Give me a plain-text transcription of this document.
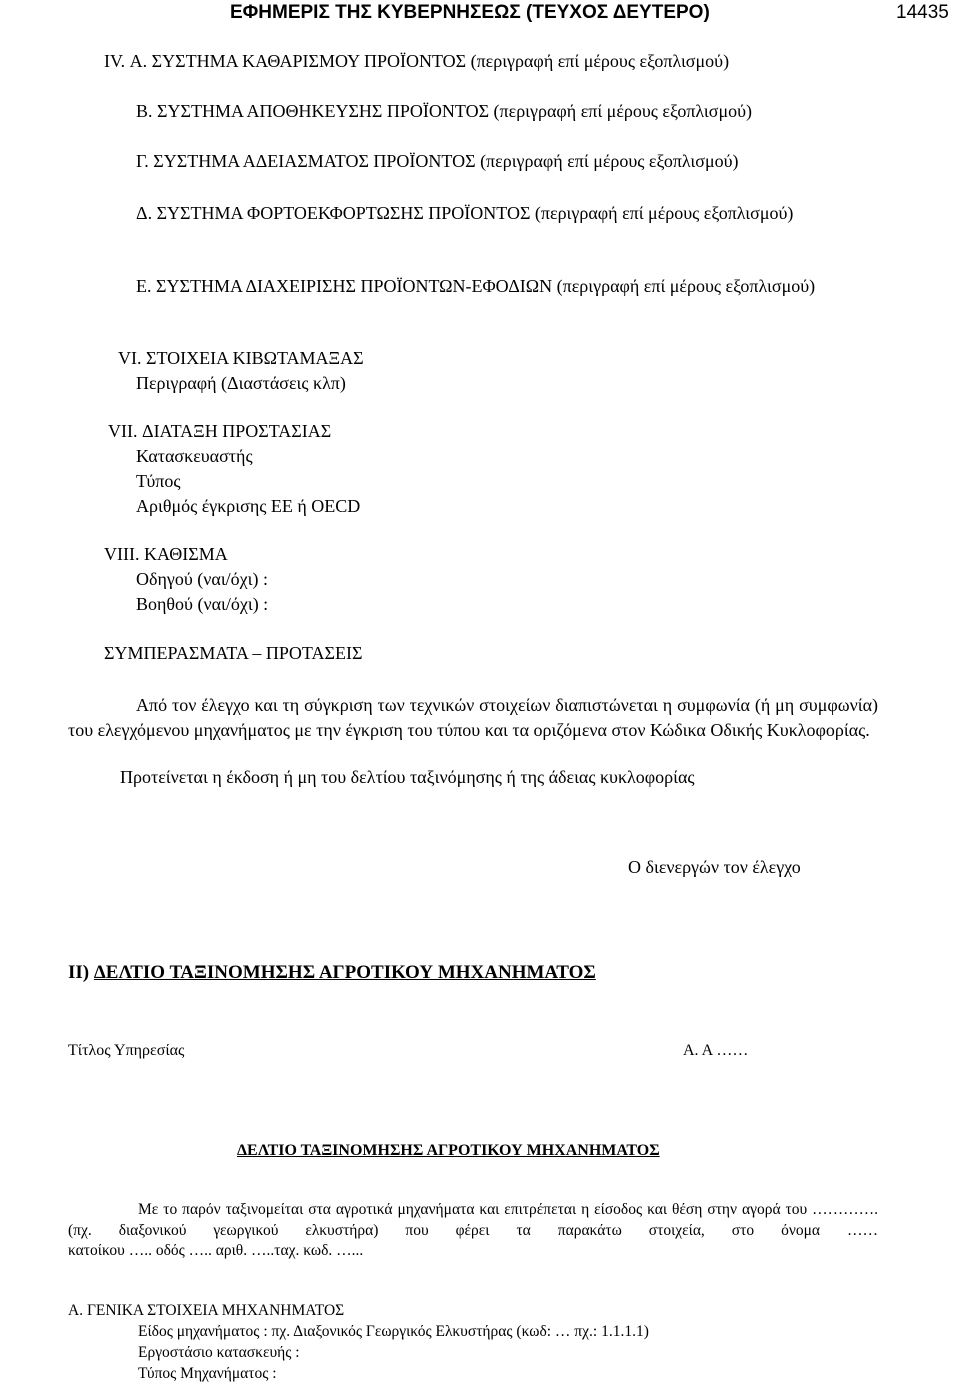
ΕΦΗΜΕΡΙΣ ΤΗΣ ΚΥΒΕΡΝΗΣΕΩΣ (ΤΕΥΧΟΣ ΔΕΥΤΕΡΟ)	14435
IV. Α. ΣΥΣΤΗΜΑ ΚΑΘΑΡΙΣΜΟΥ ΠΡΟΪΟΝΤΟΣ (περιγραφή επί μέρους εξοπλισμού)
Β. ΣΥΣΤΗΜΑ ΑΠΟΘΗΚΕΥΣΗΣ ΠΡΟΪΟΝΤΟΣ (περιγραφή επί μέρους εξοπλισμού)
Γ. ΣΥΣΤΗΜΑ ΑΔΕΙΑΣΜΑΤΟΣ ΠΡΟΪΟΝΤΟΣ (περιγραφή επί μέρους εξοπλισμού)
Δ. ΣΥΣΤΗΜΑ ΦΟΡΤΟΕΚΦΟΡΤΩΣΗΣ ΠΡΟΪΟΝΤΟΣ (περιγραφή επί μέρους εξοπλισμού)
Ε. ΣΥΣΤΗΜΑ ΔΙΑΧΕΙΡΙΣΗΣ ΠΡΟΪΟΝΤΩΝ-ΕΦΟΔΙΩΝ (περιγραφή επί μέρους εξοπλισμού)
VI. ΣΤΟΙΧΕΙΑ ΚΙΒΩΤΑΜΑΞΑΣ
Περιγραφή (Διαστάσεις κλπ)
VII. ΔΙΑΤΑΞΗ ΠΡΟΣΤΑΣΙΑΣ
Κατασκευαστής
Τύπος
Αριθμός έγκρισης ΕΕ ή OECD
VIII. ΚΑΘΙΣΜΑ
Οδηγού (ναι/όχι) :
Βοηθού (ναι/όχι) :
ΣΥΜΠΕΡΑΣΜΑΤΑ – ΠΡΟΤΑΣΕΙΣ
Από τον έλεγχο και τη σύγκριση των τεχνικών στοιχείων διαπιστώνεται η συμφωνία (ή μη συμφωνία) του ελεγχόμενου μηχανήματος με την έγκριση του τύπου και τα οριζόμενα στον Κώδικα Οδικής Κυκλοφορίας.
Προτείνεται η έκδοση ή μη του δελτίου ταξινόμησης ή της άδειας κυκλοφορίας
Ο διενεργών τον έλεγχο
II) ΔΕΛΤΙΟ ΤΑΞΙΝΟΜΗΣΗΣ ΑΓΡΟΤΙΚΟΥ ΜΗΧΑΝΗΜΑΤΟΣ
Τίτλος Υπηρεσίας	Α. Α ……
ΔΕΛΤΙΟ ΤΑΞΙΝΟΜΗΣΗΣ ΑΓΡΟΤΙΚΟΥ ΜΗΧΑΝΗΜΑΤΟΣ
Με το παρόν ταξινομείται στα αγροτικά μηχανήματα και επιτρέπεται η είσοδος και θέση στην αγορά του …………. (πχ. διαξονικού γεωργικού ελκυστήρα) που φέρει τα παρακάτω στοιχεία, στο όνομα ……
κατοίκου ….. οδός ….. αριθ. …..ταχ. κωδ. …...
Α. ΓΕΝΙΚΑ ΣΤΟΙΧΕΙΑ ΜΗΧΑΝΗΜΑΤΟΣ
Είδος μηχανήματος : πχ. Διαξονικός Γεωργικός Ελκυστήρας (κωδ: … πχ.: 1.1.1.1)
Εργοστάσιο κατασκευής :
Τύπος Μηχανήματος :
